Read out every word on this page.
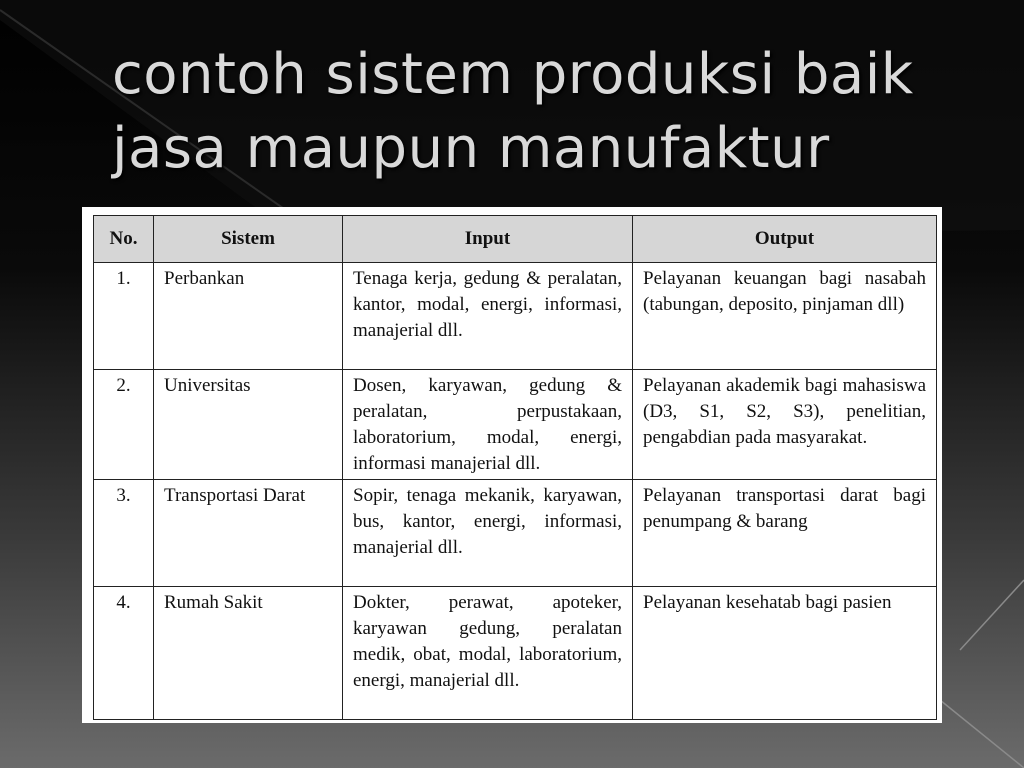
contoh sistem produksi baik
jasa maupun manufaktur
No.	Sistem	Input	Output
1.	Perbankan	Tenaga kerja, gedung & peralatan, kantor, modal, energi, informasi, manajerial dll.	Pelayanan keuangan bagi nasabah (tabungan, deposito, pinjaman dll)
2.	Universitas	Dosen, karyawan, gedung & peralatan, perpustakaan, laboratorium, modal, energi, informasi manajerial dll.	Pelayanan akademik bagi mahasiswa (D3, S1, S2, S3), penelitian, pengabdian pada masyarakat.
3.	Transportasi Darat	Sopir, tenaga mekanik, karyawan, bus, kantor, energi, informasi, manajerial dll.	Pelayanan transportasi darat bagi penumpang & barang
4.	Rumah Sakit	Dokter, perawat, apoteker, karyawan gedung, peralatan medik, obat, modal, laboratorium, energi, manajerial dll.	Pelayanan kesehatab bagi pasien
